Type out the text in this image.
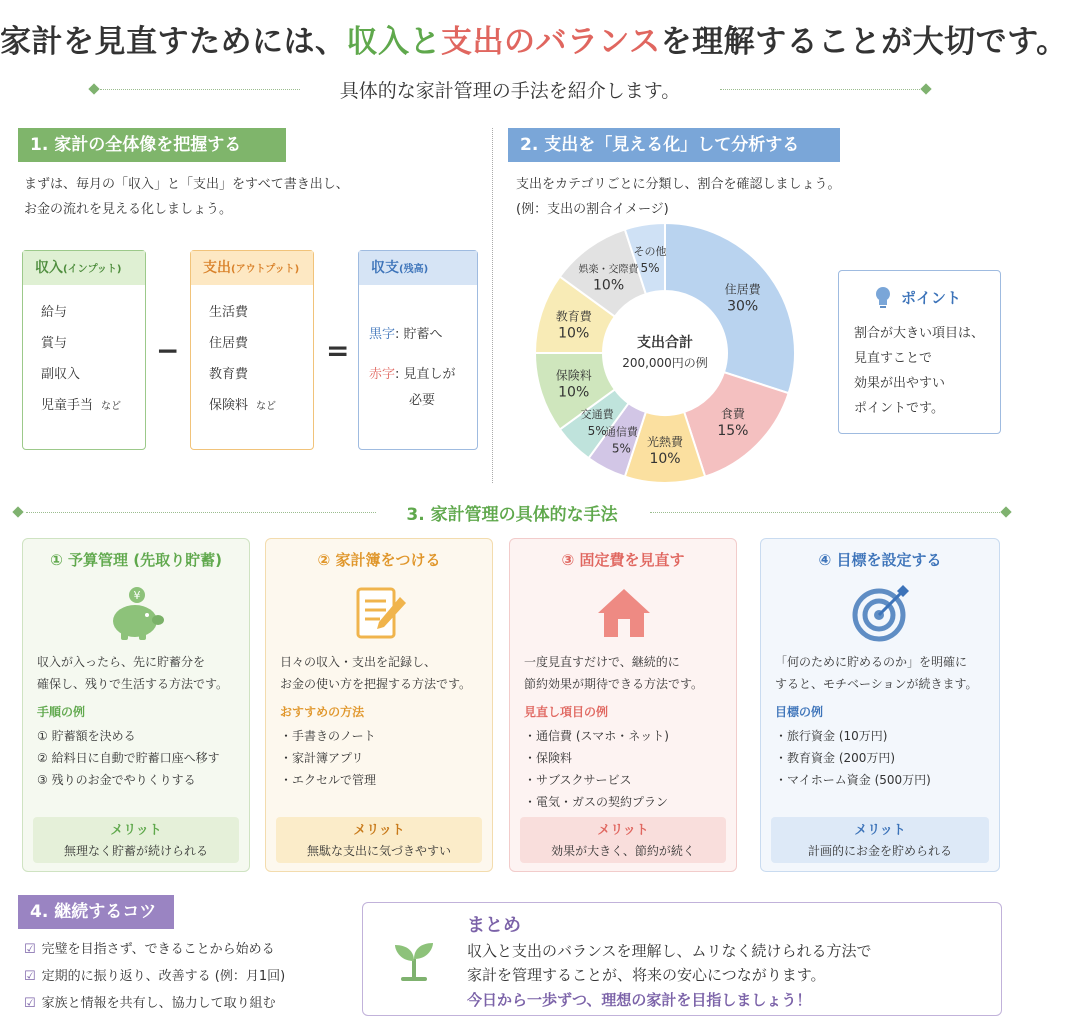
家計を見直すためには、収入と支出のバランスを理解することが大切です。
具体的な家計管理の手法を紹介します。
1. 家計の全体像を把握する
まずは、毎月の「収入」と「支出」をすべて書き出し、
お金の流れを見える化しましょう。
収入(インプット)
給与
賞与
副収入
児童手当 など
−
支出(アウトプット)
生活費
住居費
教育費
保険料 など
=
収支(残高)
黒字: 貯蓄へ
赤字: 見直しが
必要
2. 支出を「見える化」して分析する
支出をカテゴリごとに分類し、割合を確認しましょう。
(例：支出の割合イメージ)
住居費
30%
食費
15%
光熱費
10%
通信費
5%
交通費
5%
保険料
10%
教育費
10%
娯楽・交際費
10%
その他
5%
支出合計
200,000円の例
ポイント
割合が大きい項目は、
見直すことで
効果が出やすい
ポイントです。
3. 家計管理の具体的な手法
① 予算管理 (先取り貯蓄)
¥
収入が入ったら、先に貯蓄分を
確保し、残りで生活する方法です。
手順の例
① 貯蓄額を決める
② 給料日に自動で貯蓄口座へ移す
③ 残りのお金でやりくりする
メリット
無理なく貯蓄が続けられる
② 家計簿をつける
日々の収入・支出を記録し、
お金の使い方を把握する方法です。
おすすめの方法
・手書きのノート
・家計簿アプリ
・エクセルで管理
メリット
無駄な支出に気づきやすい
③ 固定費を見直す
一度見直すだけで、継続的に
節約効果が期待できる方法です。
見直し項目の例
・通信費 (スマホ・ネット)
・保険料
・サブスクサービス
・電気・ガスの契約プラン
メリット
効果が大きく、節約が続く
④ 目標を設定する
「何のために貯めるのか」を明確に
すると、モチベーションが続きます。
目標の例
・旅行資金 (10万円)
・教育資金 (200万円)
・マイホーム資金 (500万円)
メリット
計画的にお金を貯められる
4. 継続するコツ
☑ 完璧を目指さず、できることから始める
☑ 定期的に振り返り、改善する (例：月1回)
☑ 家族と情報を共有し、協力して取り組む
まとめ
収入と支出のバランスを理解し、ムリなく続けられる方法で
家計を管理することが、将来の安心につながります。
今日から一歩ずつ、理想の家計を目指しましょう！
